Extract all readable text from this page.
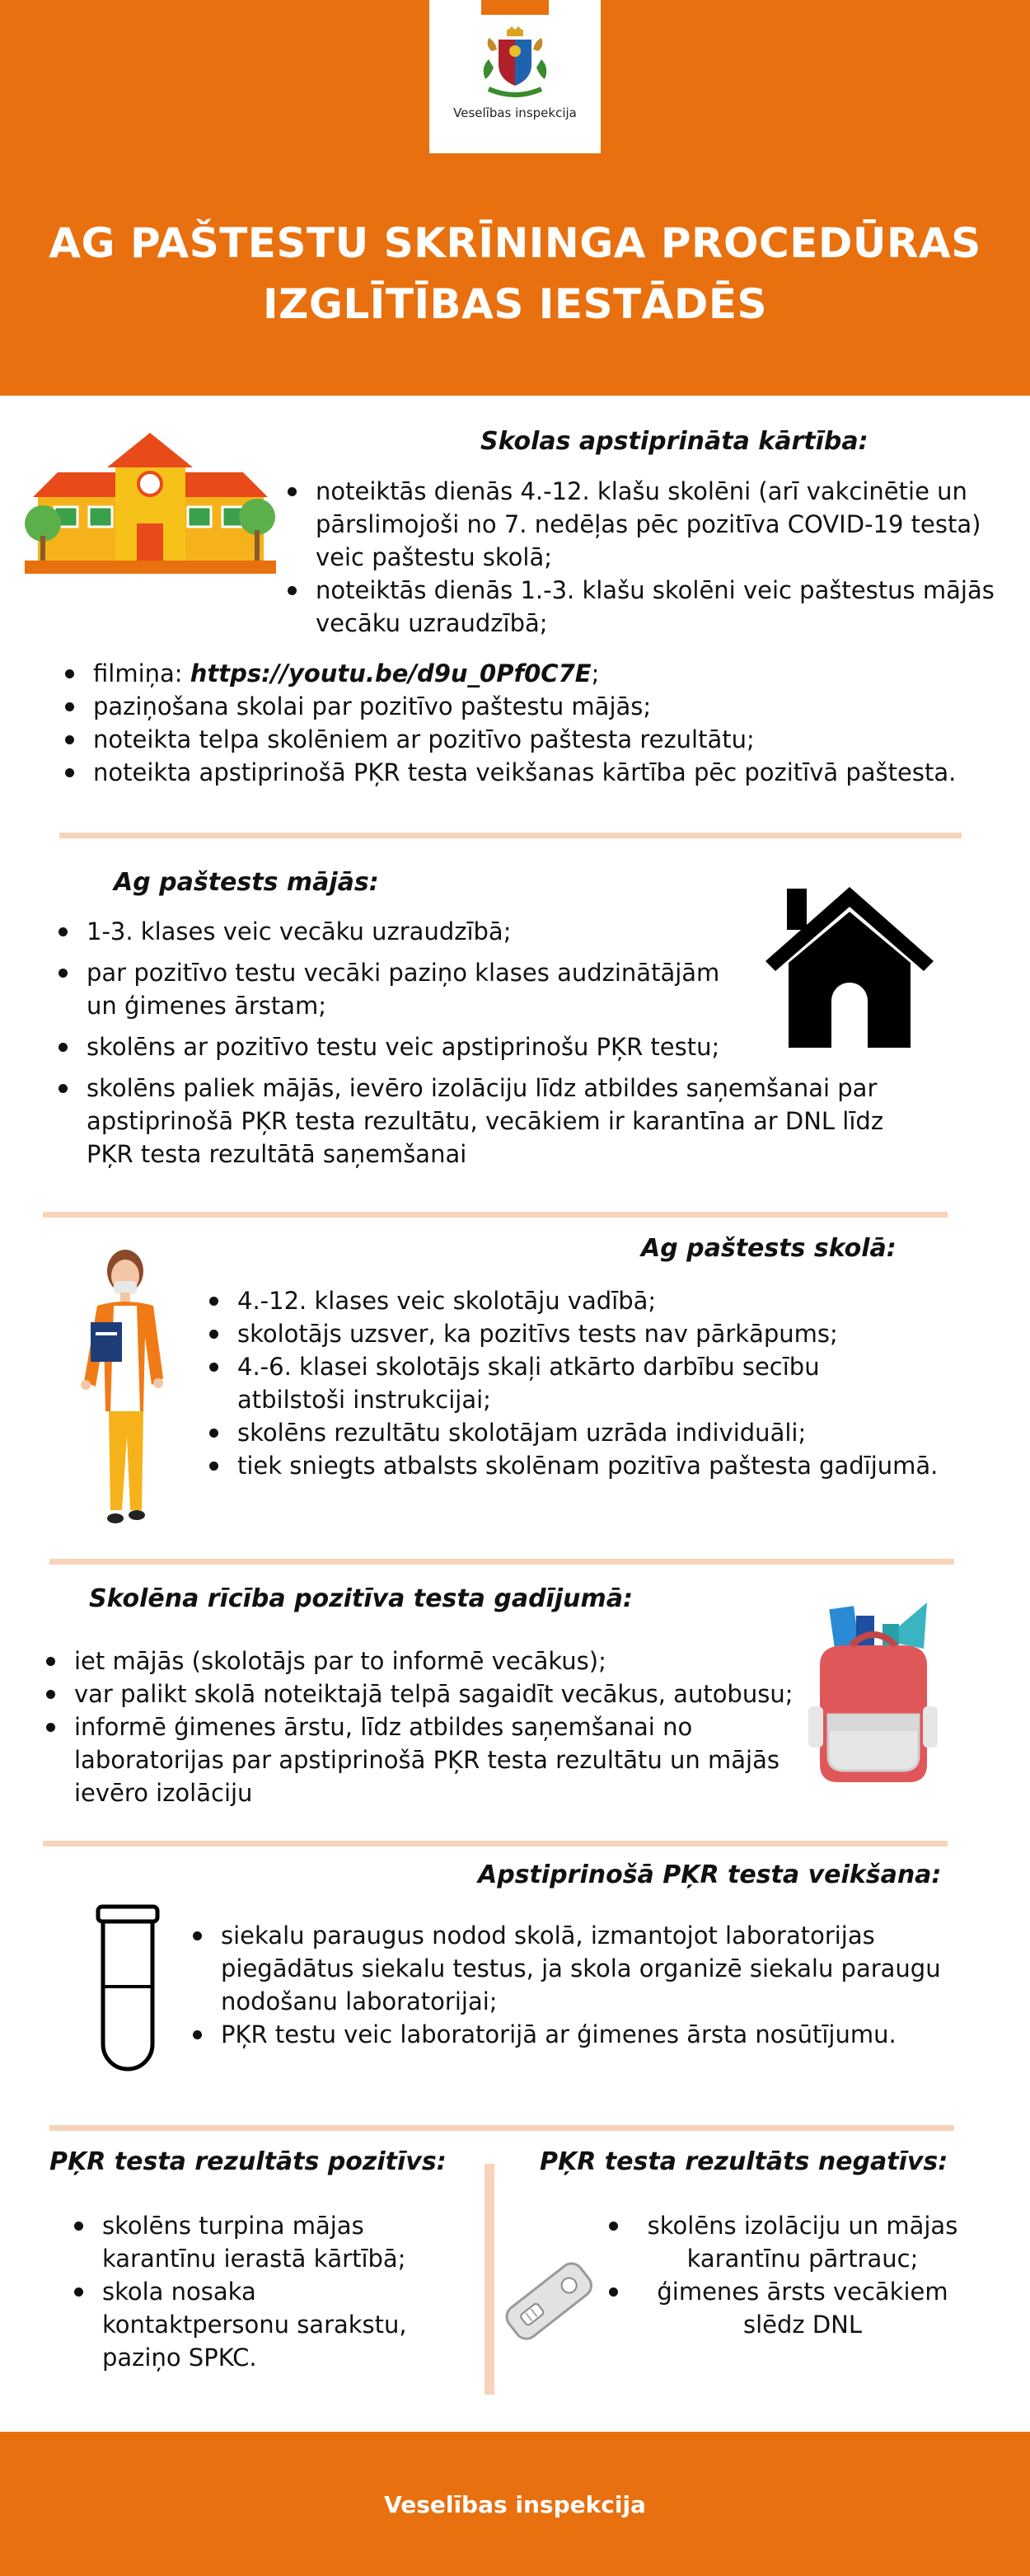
Veselības inspekcija
AG PAŠTESTU SKRĪNINGA PROCEDŪRAS
IZGLĪTĪBAS IESTĀDĒS
Skolas apstiprināta kārtība:
noteiktās dienās 4.-12. klašu skolēni (arī vakcinētie un pārslimojoši no 7. nedēļas pēc pozitīva COVID-19 testa) veic paštestu skolā;
noteiktās dienās 1.-3. klašu skolēni veic paštestus mājās vecāku uzraudzībā;
filmiņa: https://youtu.be/d9u_0Pf0C7E;
paziņošana skolai par pozitīvo paštestu mājās;
noteikta telpa skolēniem ar pozitīvo paštesta rezultātu;
noteikta apstiprinošā PĶR testa veikšanas kārtība pēc pozitīvā paštesta.
Ag paštests mājās:
1-3. klases veic vecāku uzraudzībā;
par pozitīvo testu vecāki paziņo klases audzinātājām un ģimenes ārstam;
skolēns ar pozitīvo testu veic apstiprinošu PĶR testu;
skolēns paliek mājās, ievēro izolāciju līdz atbildes saņemšanai par apstiprinošā PĶR testa rezultātu, vecākiem ir karantīna ar DNL līdz PĶR testa rezultātā saņemšanai
Ag paštests skolā:
4.-12. klases veic skolotāju vadībā;
skolotājs uzsver, ka pozitīvs tests nav pārkāpums;
4.-6. klasei skolotājs skaļi atkārto darbību secību atbilstoši instrukcijai;
skolēns rezultātu skolotājam uzrāda individuāli;
tiek sniegts atbalsts skolēnam pozitīva paštesta gadījumā.
Skolēna rīcība pozitīva testa gadījumā:
iet mājās (skolotājs par to informē vecākus);
var palikt skolā noteiktajā telpā sagaidīt vecākus, autobusu;
informē ģimenes ārstu, līdz atbildes saņemšanai no laboratorijas par apstiprinošā PĶR testa rezultātu un mājās ievēro izolāciju
Apstiprinošā PĶR testa veikšana:
siekalu paraugus nodod skolā, izmantojot laboratorijas piegādātus siekalu testus, ja skola organizē siekalu paraugu nodošanu laboratorijai;
PĶR testu veic laboratorijā ar ģimenes ārsta nosūtījumu.
PĶR testa rezultāts pozitīvs:
skolēns turpina mājas karantīnu ierastā kārtībā;
skola nosaka kontaktpersonu sarakstu, paziņo SPKC.
PĶR testa rezultāts negatīvs:
skolēns izolāciju un mājas karantīnu pārtrauc;
ģimenes ārsts vecākiem slēdz DNL
Veselības inspekcija
